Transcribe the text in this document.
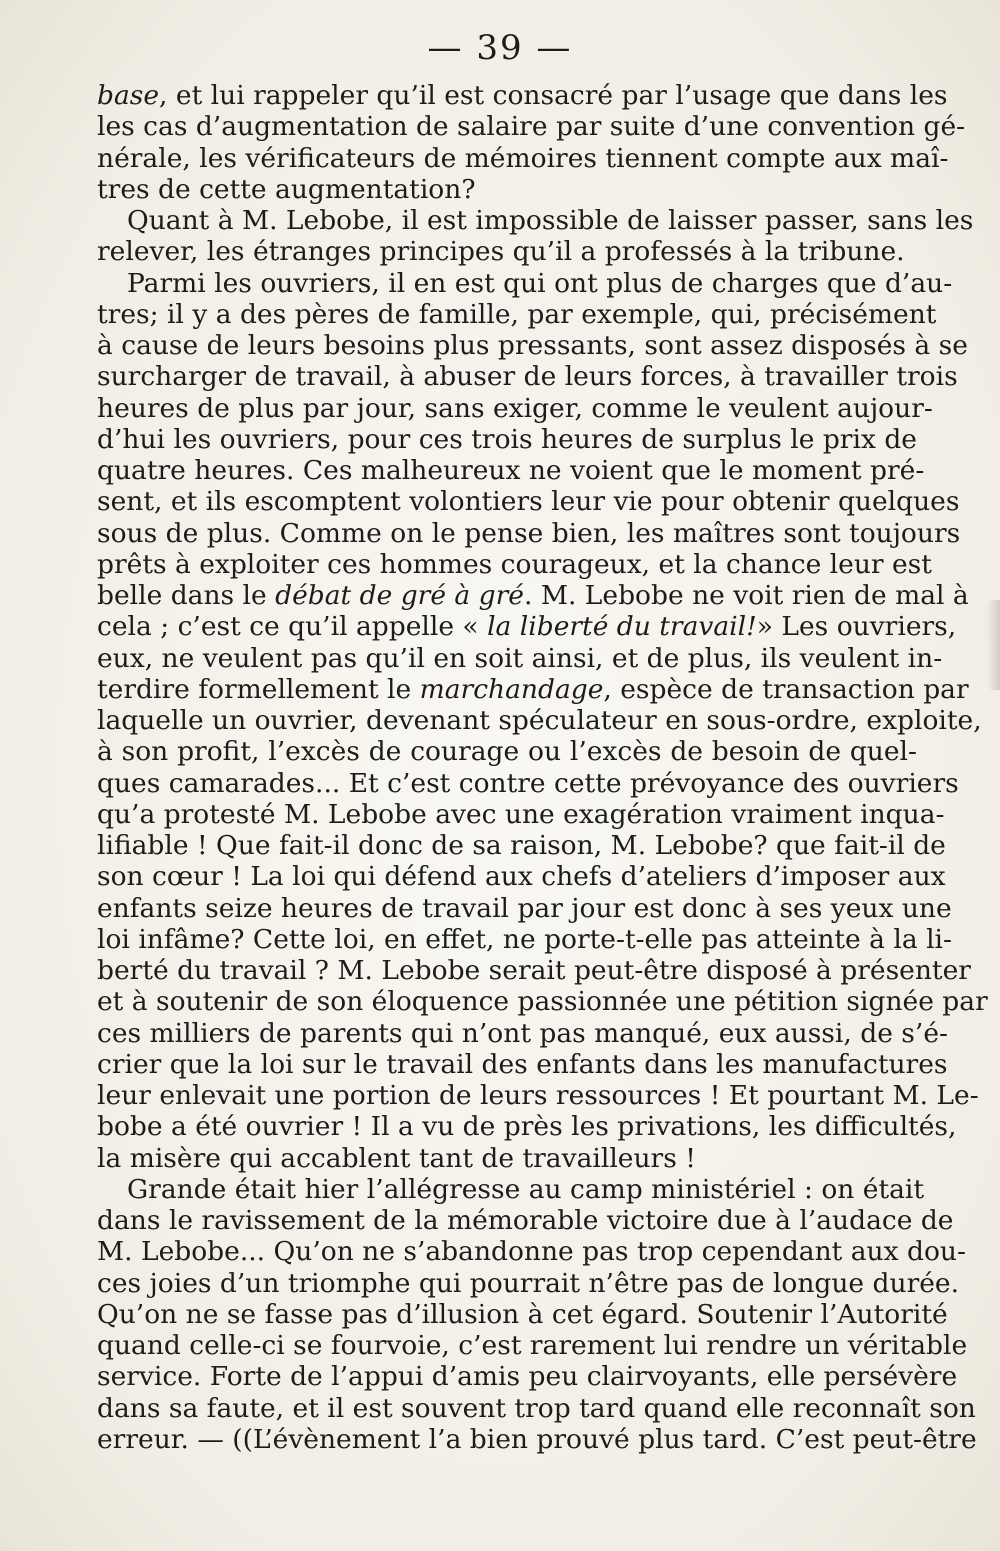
— 39 —
base, et lui rappeler qu’il est consacré par l’usage que dans les
les cas d’augmentation de salaire par suite d’une convention gé-
nérale, les vérificateurs de mémoires tiennent compte aux maî-
tres de cette augmentation?
Quant à M. Lebobe, il est impossible de laisser passer, sans les
relever, les étranges principes qu’il a professés à la tribune.
Parmi les ouvriers, il en est qui ont plus de charges que d’au-
tres; il y a des pères de famille, par exemple, qui, précisément
à cause de leurs besoins plus pressants, sont assez disposés à se
surcharger de travail, à abuser de leurs forces, à travailler trois
heures de plus par jour, sans exiger, comme le veulent aujour-
d’hui les ouvriers, pour ces trois heures de surplus le prix de
quatre heures. Ces malheureux ne voient que le moment pré-
sent, et ils escomptent volontiers leur vie pour obtenir quelques
sous de plus. Comme on le pense bien, les maîtres sont toujours
prêts à exploiter ces hommes courageux, et la chance leur est
belle dans le débat de gré à gré. M. Lebobe ne voit rien de mal à
cela ; c’est ce qu’il appelle « la liberté du travail!» Les ouvriers,
eux, ne veulent pas qu’il en soit ainsi, et de plus, ils veulent in-
terdire formellement le marchandage, espèce de transaction par
laquelle un ouvrier, devenant spéculateur en sous-ordre, exploite,
à son profit, l’excès de courage ou l’excès de besoin de quel-
ques camarades... Et c’est contre cette prévoyance des ouvriers
qu’a protesté M. Lebobe avec une exagération vraiment inqua-
lifiable ! Que fait-il donc de sa raison, M. Lebobe? que fait-il de
son cœur ! La loi qui défend aux chefs d’ateliers d’imposer aux
enfants seize heures de travail par jour est donc à ses yeux une
loi infâme? Cette loi, en effet, ne porte-t-elle pas atteinte à la li-
berté du travail ? M. Lebobe serait peut-être disposé à présenter
et à soutenir de son éloquence passionnée une pétition signée par
ces milliers de parents qui n’ont pas manqué, eux aussi, de s’é-
crier que la loi sur le travail des enfants dans les manufactures
leur enlevait une portion de leurs ressources ! Et pourtant M. Le-
bobe a été ouvrier ! Il a vu de près les privations, les difficultés,
la misère qui accablent tant de travailleurs !
Grande était hier l’allégresse au camp ministériel : on était
dans le ravissement de la mémorable victoire due à l’audace de
M. Lebobe... Qu’on ne s’abandonne pas trop cependant aux dou-
ces joies d’un triomphe qui pourrait n’être pas de longue durée.
Qu’on ne se fasse pas d’illusion à cet égard. Soutenir l’Autorité
quand celle-ci se fourvoie, c’est rarement lui rendre un véritable
service. Forte de l’appui d’amis peu clairvoyants, elle persévère
dans sa faute, et il est souvent trop tard quand elle reconnaît son
erreur. — ((L’évènement l’a bien prouvé plus tard. C’est peut-être
